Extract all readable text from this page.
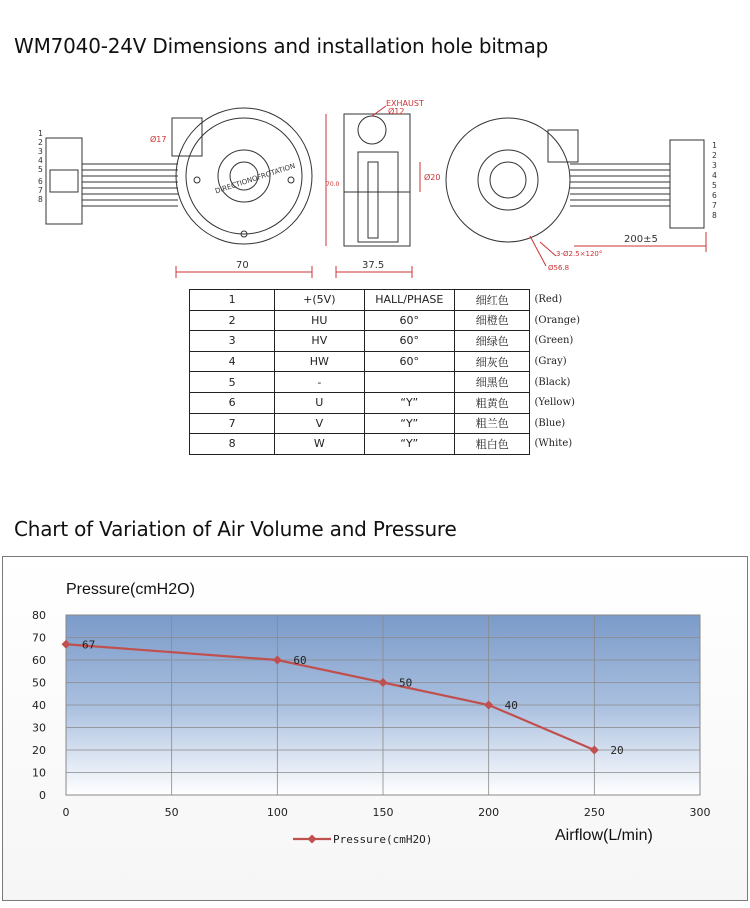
WM7040-24V Dimensions and installation hole bitmap
EXHAUST
Ø12
Ø17
Ø20
70.0
3-Ø2.5×120°
Ø56.8
70	37.5
200±5
DIRECTIONOFROTATION
1
2
3
4
5
6
7
8
1
2
3
4
5
6
7
8
1	+(5V)	HALL/PHASE	细红色	(Red)
2	HU	60°	细橙色	(Orange)
3	HV	60°	细绿色	(Green)
4	HW	60°	细灰色	(Gray)
5	-		细黑色	(Black)
6	U	“Y”	粗黄色	(Yellow)
7	V	“Y”	粗兰色	(Blue)
8	W	“Y”	粗白色	(White)
Chart of Variation of Air Volume and Pressure
0
10
20
30
40
50
60
70
80
0	50	100	150	200	250	300
Pressure(cmH2O)
Airflow(L/min)
67
60
50
40
20
Pressure(cmH2O)
